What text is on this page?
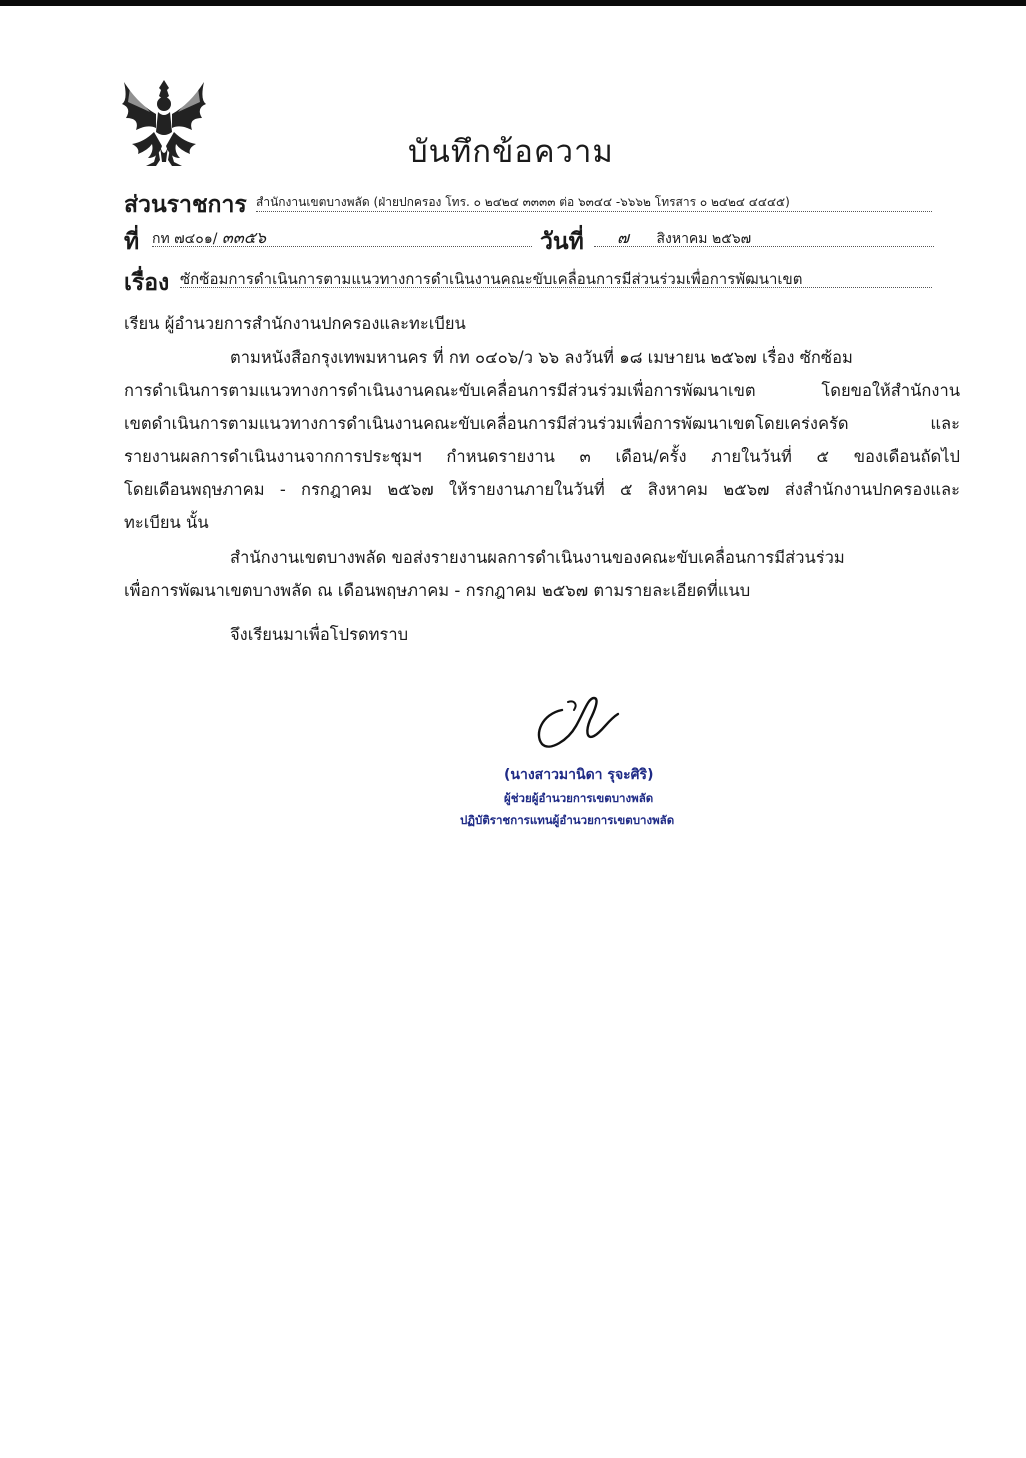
บันทึกข้อความ
ส่วนราชการ สำนักงานเขตบางพลัด (ฝ่ายปกครอง โทร. ๐ ๒๔๒๔ ๓๓๓๓ ต่อ ๖๓๔๔ -๖๖๖๒ โทรสาร ๐ ๒๔๒๔ ๔๔๔๕)
ที่ กท ๗๔๐๑/ ๓๓๕๖	วันที่	๗ สิงหาคม ๒๕๖๗
เรื่อง ซักซ้อมการดำเนินการตามแนวทางการดำเนินงานคณะขับเคลื่อนการมีส่วนร่วมเพื่อการพัฒนาเขต
เรียน ผู้อำนวยการสำนักงานปกครองและทะเบียน
ตามหนังสือกรุงเทพมหานคร ที่ กท ๐๔๐๖/ว ๖๖ ลงวันที่ ๑๘ เมษายน ๒๕๖๗ เรื่อง ซักซ้อม
การดำเนินการตามแนวทางการดำเนินงานคณะขับเคลื่อนการมีส่วนร่วมเพื่อการพัฒนาเขต โดยขอให้สำนักงาน
เขตดำเนินการตามแนวทางการดำเนินงานคณะขับเคลื่อนการมีส่วนร่วมเพื่อการพัฒนาเขตโดยเคร่งครัด และ
รายงานผลการดำเนินงานจากการประชุมฯ กำหนดรายงาน ๓ เดือน/ครั้ง ภายในวันที่ ๕ ของเดือนถัดไป
โดยเดือนพฤษภาคม - กรกฎาคม ๒๕๖๗ ให้รายงานภายในวันที่ ๕ สิงหาคม ๒๕๖๗ ส่งสำนักงานปกครองและ
ทะเบียน นั้น
สำนักงานเขตบางพลัด ขอส่งรายงานผลการดำเนินงานของคณะขับเคลื่อนการมีส่วนร่วม
เพื่อการพัฒนาเขตบางพลัด ณ เดือนพฤษภาคม - กรกฎาคม ๒๕๖๗ ตามรายละเอียดที่แนบ
จึงเรียนมาเพื่อโปรดทราบ
(นางสาวมานิดา รุจะศิริ)
ผู้ช่วยผู้อำนวยการเขตบางพลัด
ปฏิบัติราชการแทนผู้อำนวยการเขตบางพลัด
